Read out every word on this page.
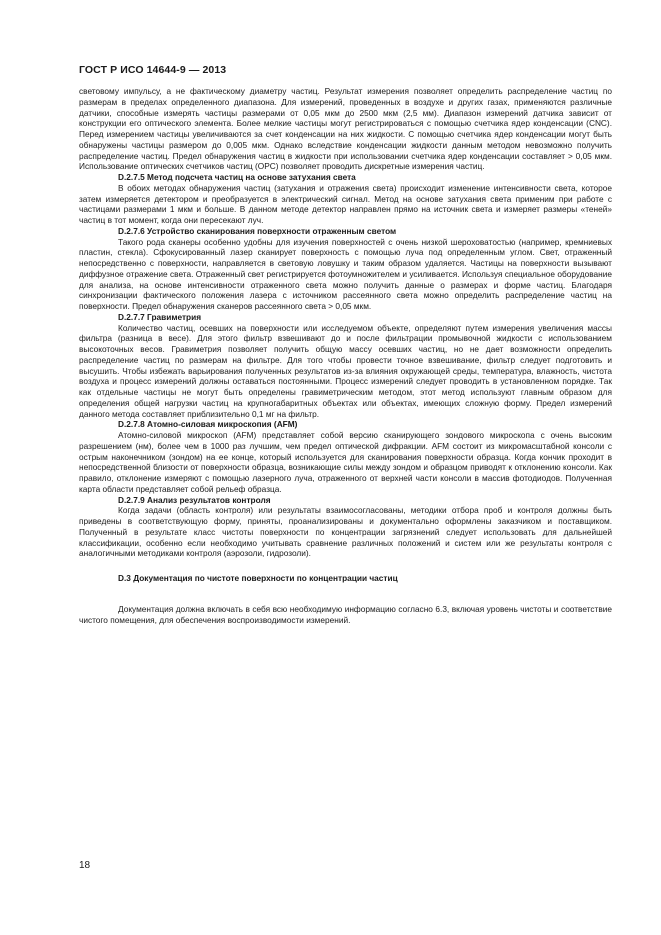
ГОСТ Р ИСО 14644-9 — 2013

световому импульсу, а не фактическому диаметру частиц. Результат измерения позволяет определить распределение частиц по размерам в пределах определенного диапазона. Для измерений, проведенных в воздухе и других газах, применяются различные датчики, способные измерять частицы размерами от 0,05 мкм до 2500 мкм (2,5 мм). Диапазон измерений датчика зависит от конструкции его оптического элемента. Более мелкие частицы могут регистрироваться с помощью счетчика ядер конденсации (CNC). Перед измерением частицы увеличиваются за счет конденсации на них жидкости. С помощью счетчика ядер конденсации могут быть обнаружены частицы размером до 0,005 мкм. Однако вследствие конденсации жидкости данным методом невозможно получить распределение частиц. Предел обнаружения частиц в жидкости при использовании счетчика ядер конденсации составляет > 0,05 мкм. Использование оптических счетчиков частиц (OPC) позволяет проводить дискретные измерения частиц.

D.2.7.5 Метод подсчета частиц на основе затухания света

В обоих методах обнаружения частиц (затухания и отражения света) происходит изменение интенсивности света, которое затем измеряется детектором и преобразуется в электрический сигнал. Метод на основе затухания света применим при работе с частицами размерами 1 мкм и больше. В данном методе детектор направлен прямо на источник света и измеряет размеры «теней» частиц в тот момент, когда они пересекают луч.

D.2.7.6 Устройство сканирования поверхности отраженным светом

Такого рода сканеры особенно удобны для изучения поверхностей с очень низкой шероховатостью (например, кремниевых пластин, стекла). Сфокусированный лазер сканирует поверхность с помощью луча под определенным углом. Свет, отраженный непосредственно с поверхности, направляется в световую ловушку и таким образом удаляется. Частицы на поверхности вызывают диффузное отражение света. Отраженный свет регистрируется фотоумножителем и усиливается. Используя специальное оборудование для анализа, на основе интенсивности отраженного света можно получить данные о размерах и форме частиц. Благодаря синхронизации фактического положения лазера с источником рассеянного света можно определить распределение частиц на поверхности. Предел обнаружения сканеров рассеянного света > 0,05 мкм.

D.2.7.7 Гравиметрия

Количество частиц, осевших на поверхности или исследуемом объекте, определяют путем измерения увеличения массы фильтра (разница в весе). Для этого фильтр взвешивают до и после фильтрации промывочной жидкости с использованием высокоточных весов. Гравиметрия позволяет получить общую массу осевших частиц, но не дает возможности определить распределение частиц по размерам на фильтре. Для того чтобы провести точное взвешивание, фильтр следует подготовить и высушить. Чтобы избежать варьирования полученных результатов из-за влияния окружающей среды, температура, влажность, чистота воздуха и процесс измерений должны оставаться постоянными. Процесс измерений следует проводить в установленном порядке. Так как отдельные частицы не могут быть определены гравиметрическим методом, этот метод используют главным образом для определения общей нагрузки частиц на крупногабаритных объектах или объектах, имеющих сложную форму. Предел измерений данного метода составляет приблизительно 0,1 мг на фильтр.

D.2.7.8 Атомно-силовая микроскопия (AFM)

Атомно-силовой микроскоп (AFM) представляет собой версию сканирующего зондового микроскопа с очень высоким разрешением (нм), более чем в 1000 раз лучшим, чем предел оптической дифракции. AFM состоит из микромасштабной консоли с острым наконечником (зондом) на ее конце, который используется для сканирования поверхности образца. Когда кончик проходит в непосредственной близости от поверхности образца, возникающие силы между зондом и образцом приводят к отклонению консоли. Как правило, отклонение измеряют с помощью лазерного луча, отраженного от верхней части консоли в массив фотодиодов. Полученная карта области представляет собой рельеф образца.

D.2.7.9 Анализ результатов контроля

Когда задачи (область контроля) или результаты взаимосогласованы, методики отбора проб и контроля должны быть приведены в соответствующую форму, приняты, проанализированы и документально оформлены заказчиком и поставщиком. Полученный в результате класс чистоты поверхности по концентрации загрязнений следует использовать для дальнейшей классификации, особенно если необходимо учитывать сравнение различных положений и систем или же результаты контроля с аналогичными методиками контроля (аэрозоли, гидрозоли).

D.3 Документация по чистоте поверхности по концентрации частиц

Документация должна включать в себя всю необходимую информацию согласно 6.3, включая уровень чистоты и соответствие чистого помещения, для обеспечения воспроизводимости измерений.

18
